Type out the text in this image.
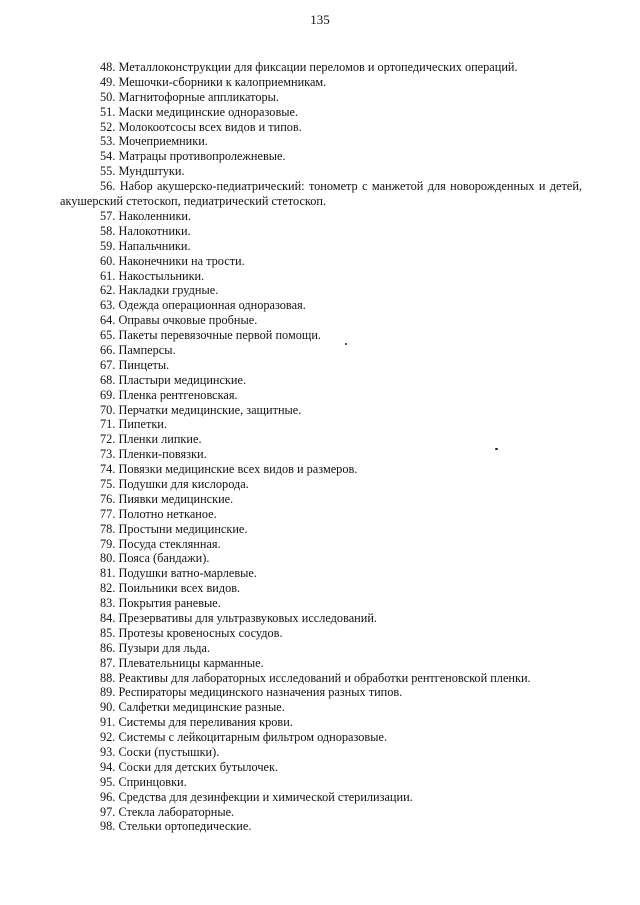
135
48. Металлоконструкции для фиксации переломов и ортопедических операций.
49. Мешочки-сборники к калоприемникам.
50. Магнитофорные аппликаторы.
51. Маски медицинские одноразовые.
52. Молокоотсосы всех видов и типов.
53. Мочеприемники.
54. Матрацы противопролежневые.
55. Мундштуки.
56. Набор акушерско-педиатрический: тонометр с манжетой для новорожденных и детей, акушерский стетоскоп, педиатрический стетоскоп.
57. Наколенники.
58. Налокотники.
59. Напальчники.
60. Наконечники на трости.
61. Накостыльники.
62. Накладки грудные.
63. Одежда операционная одноразовая.
64. Оправы очковые пробные.
65. Пакеты перевязочные первой помощи.
66. Памперсы.
67. Пинцеты.
68. Пластыри медицинские.
69. Пленка рентгеновская.
70. Перчатки медицинские, защитные.
71. Пипетки.
72. Пленки липкие.
73. Пленки-повязки.
74. Повязки медицинские всех видов и размеров.
75. Подушки для кислорода.
76. Пиявки медицинские.
77. Полотно нетканое.
78. Простыни медицинские.
79. Посуда стеклянная.
80. Пояса (бандажи).
81. Подушки ватно-марлевые.
82. Поильники всех видов.
83. Покрытия раневые.
84. Презервативы для ультразвуковых исследований.
85. Протезы кровеносных сосудов.
86. Пузыри для льда.
87. Плевательницы карманные.
88. Реактивы для лабораторных исследований и обработки рентгеновской пленки.
89. Респираторы медицинского назначения разных типов.
90. Салфетки медицинские разные.
91. Системы для переливания крови.
92. Системы с лейкоцитарным фильтром одноразовые.
93. Соски (пустышки).
94. Соски для детских бутылочек.
95. Спринцовки.
96. Средства для дезинфекции и химической стерилизации.
97. Стекла лабораторные.
98. Стельки ортопедические.
